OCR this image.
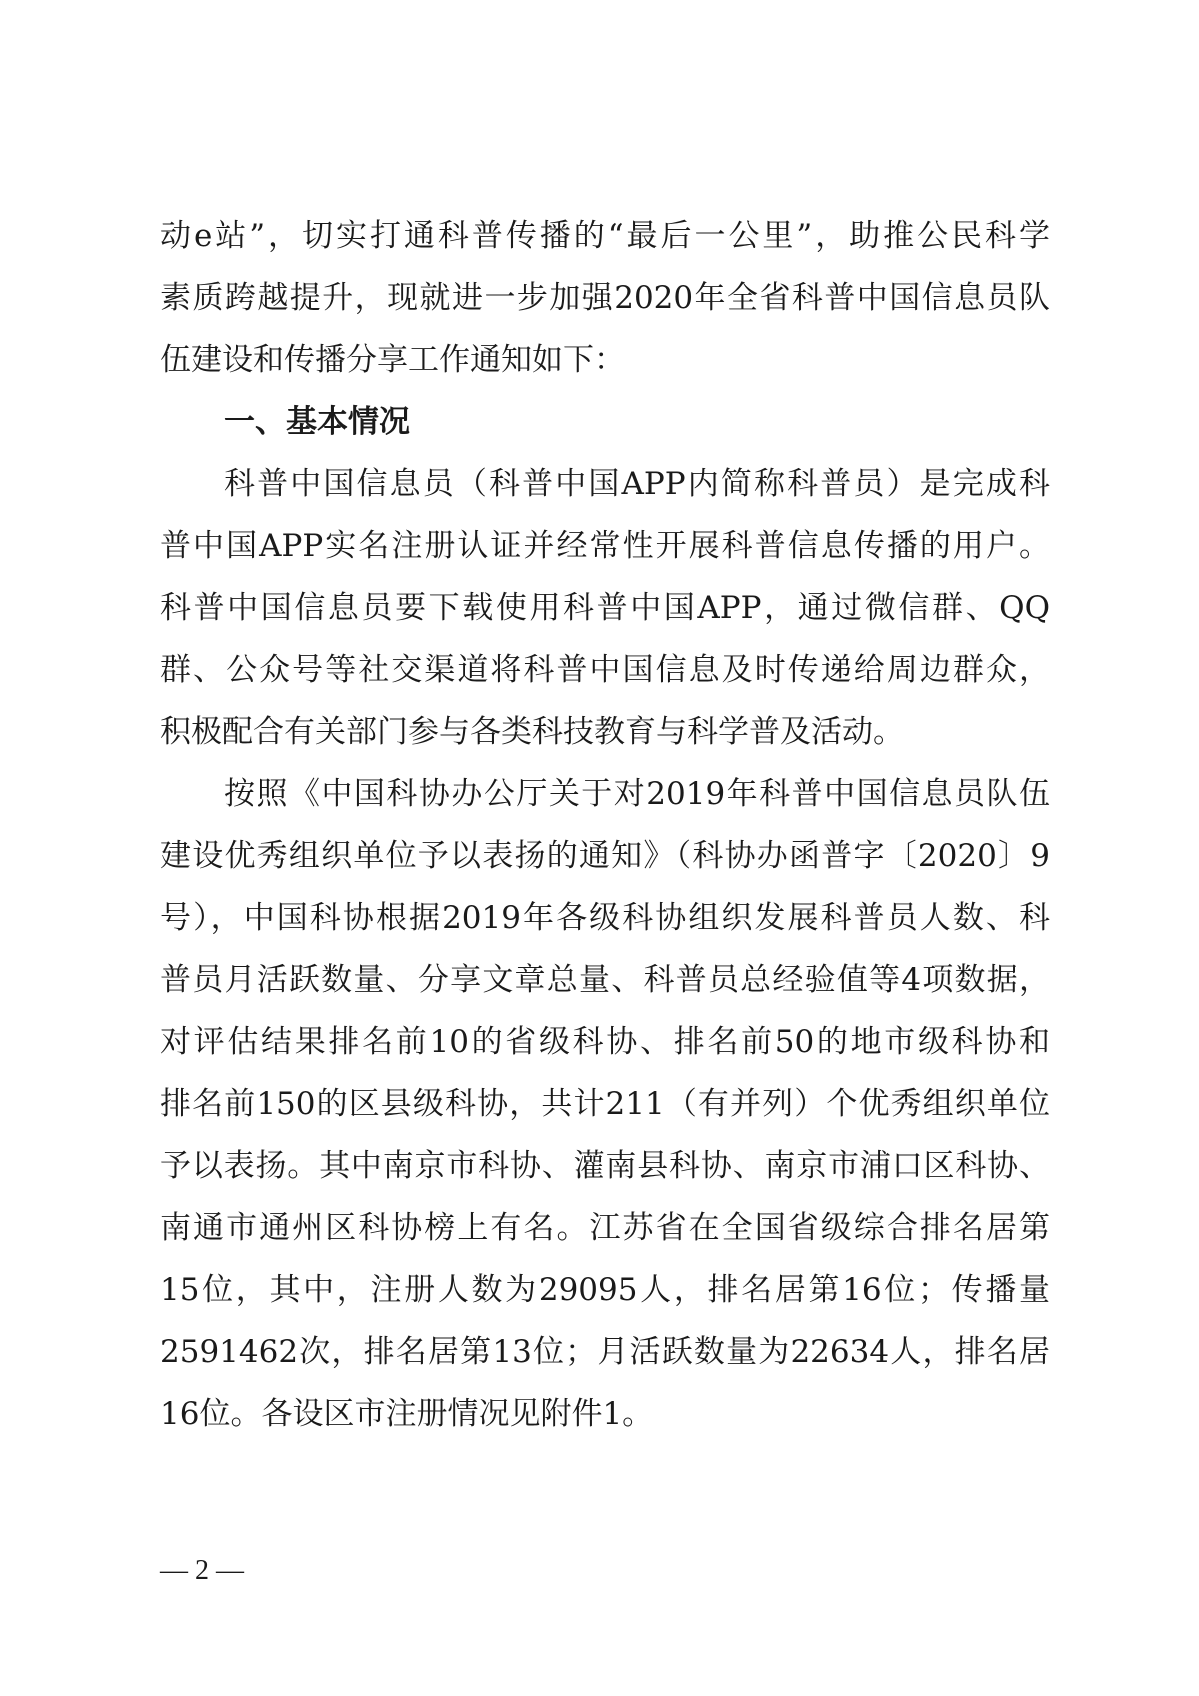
动e站”，切实打通科普传播的“最后一公里”，助推公民科学
素质跨越提升，现就进一步加强2020年全省科普中国信息员队
伍建设和传播分享工作通知如下：
一、基本情况
科普中国信息员（科普中国APP内简称科普员）是完成科
普中国APP实名注册认证并经常性开展科普信息传播的用户。
科普中国信息员要下载使用科普中国APP，通过微信群、QQ
群、公众号等社交渠道将科普中国信息及时传递给周边群众，
积极配合有关部门参与各类科技教育与科学普及活动。
按照《中国科协办公厅关于对2019年科普中国信息员队伍
建设优秀组织单位予以表扬的通知》（科协办函普字〔2020〕9
号），中国科协根据2019年各级科协组织发展科普员人数、科
普员月活跃数量、分享文章总量、科普员总经验值等4项数据，
对评估结果排名前10的省级科协、排名前50的地市级科协和
排名前150的区县级科协，共计211（有并列）个优秀组织单位
予以表扬。其中南京市科协、灌南县科协、南京市浦口区科协、
南通市通州区科协榜上有名。江苏省在全国省级综合排名居第
15位，其中，注册人数为29095人，排名居第16位；传播量
2591462次，排名居第13位；月活跃数量为22634人，排名居
16位。各设区市注册情况见附件1。
— 2 —
